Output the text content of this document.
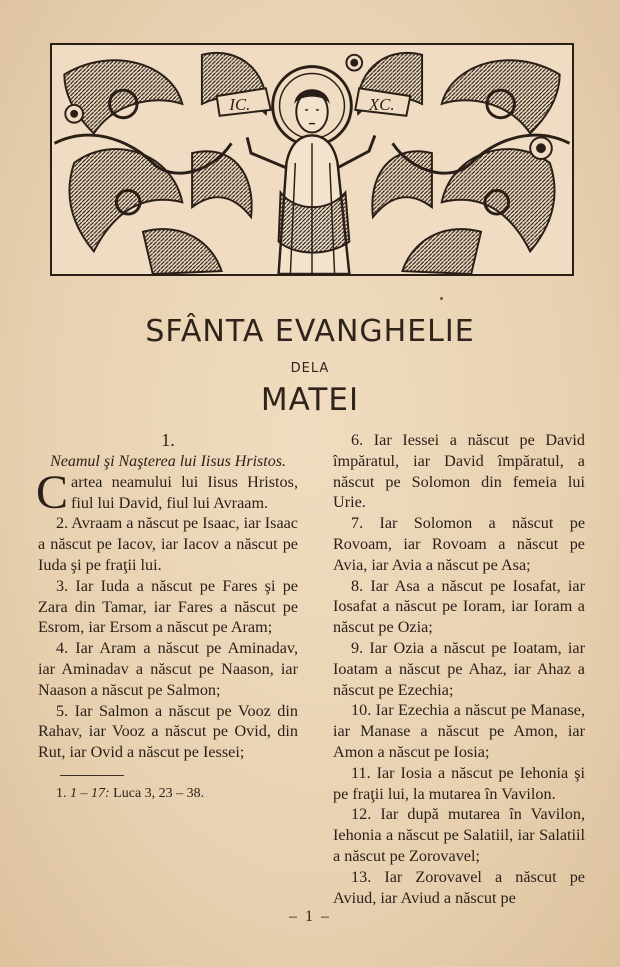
IC.	XC.
SFÂNTA EVANGHELIE
DELA
MATEI

1.

Neamul şi Naşterea lui Iisus Hristos.

Cartea neamului lui Iisus Hristos, fiul lui David, fiul lui Avraam.

2. Avraam a născut pe Isaac, iar Isaac a născut pe Iacov, iar Iacov a născut pe Iuda şi pe fraţii lui.

3. Iar Iuda a născut pe Fares şi pe Zara din Tamar, iar Fares a născut pe Esrom, iar Ersom a născut pe Aram;

4. Iar Aram a născut pe Aminadav, iar Aminadav a născut pe Naason, iar Naason a născut pe Salmon;

5. Iar Salmon a născut pe Vooz din Rahav, iar Vooz a născut pe Ovid, din Rut, iar Ovid a născut pe Iessei;

1. 1 – 17: Luca 3, 23 – 38.

6. Iar Iessei a născut pe David împăratul, iar David împăratul, a născut pe Solomon din femeia lui Urie.

7. Iar Solomon a născut pe Rovoam, iar Rovoam a născut pe Avia, iar Avia a născut pe Asa;

8. Iar Asa a născut pe Iosafat, iar Iosafat a născut pe Ioram, iar Ioram a născut pe Ozia;

9. Iar Ozia a născut pe Ioatam, iar Ioatam a născut pe Ahaz, iar Ahaz a născut pe Ezechia;

10. Iar Ezechia a născut pe Manase, iar Manase a născut pe Amon, iar Amon a născut pe Iosia;

11. Iar Iosia a născut pe Iehonia şi pe fraţii lui, la mutarea în Vavilon.

12. Iar după mutarea în Vavilon, Iehonia a născut pe Salatiil, iar Salatiil a născut pe Zorovavel;

13. Iar Zorovavel a născut pe Aviud, iar Aviud a născut pe

– 1 –
